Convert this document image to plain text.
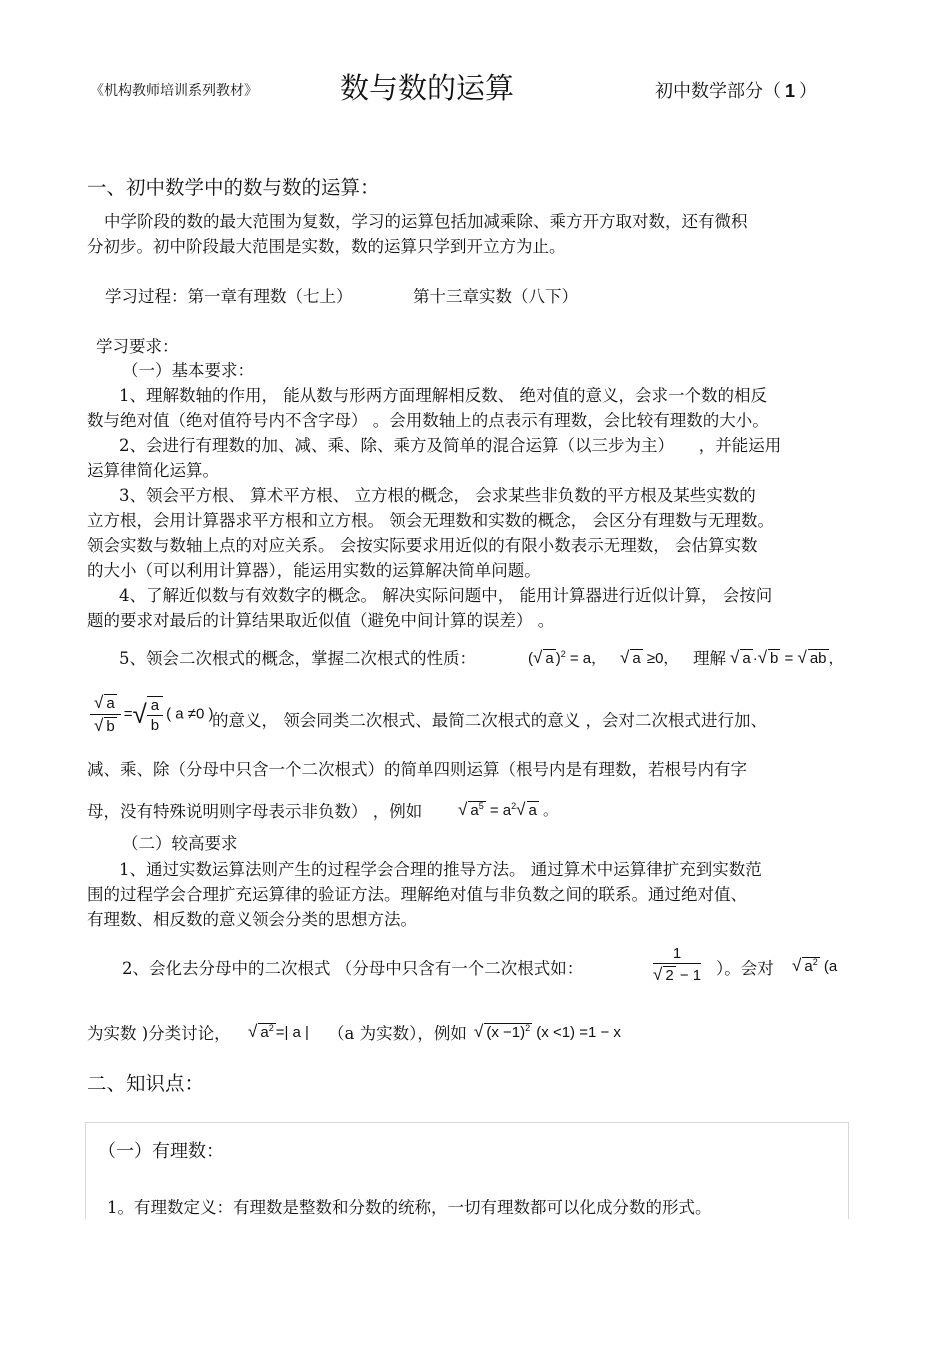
《机构教师培训系列教材》	数与数的运算	初中数学部分（ 1 ）
一、初中数学中的数与数的运算：
中学阶段的数的最大范围为复数，学习的运算包括加减乘除、乘方开方取对数，还有微积
分初步。初中阶段最大范围是实数，数的运算只学到开立方为止。
学习过程：第一章有理数（七上）	第十三章实数（八下）
学习要求：
（一）基本要求：
1、理解数轴的作用， 能从数与形两方面理解相反数、 绝对值的意义，会求一个数的相反
数与绝对值（绝对值符号内不含字母） 。会用数轴上的点表示有理数，会比较有理数的大小。
2、会进行有理数的加、减、乘、除、乘方及简单的混合运算（以三步为主）　　，并能运用
运算律简化运算。
3、领会平方根、 算术平方根、 立方根的概念， 会求某些非负数的平方根及某些实数的
立方根，会用计算器求平方根和立方根。 领会无理数和实数的概念， 会区分有理数与无理数。
领会实数与数轴上点的对应关系。 会按实际要求用近似的有限小数表示无理数， 会估算实数
的大小（可以利用计算器），能运用实数的运算解决简单问题。
4、了解近似数与有效数字的概念。 解决实际问题中， 能用计算器进行近似计算， 会按问
题的要求对最后的计算结果取近似值（避免中间计算的误差） 。
5、领会二次根式的概念，掌握二次根式的性质：	(√ a )$^2$ = a， √ a ≥0， 理解 √ a ·√ b = √ ab ，
$\frac{√ a}{√ b}$ =√ $\frac{a}{b}$ ( a ≠0 )
的意义， 领会同类二次根式、最简二次根式的意义 ，会对二次根式进行加、
减、乘、除（分母中只含一个二次根式）的简单四则运算（根号内是有理数，若根号内有字
母，没有特殊说明则字母表示非负数） ，例如 √ $a^5 = a^2√$ a 。
（二）较高要求
1、通过实数运算法则产生的过程学会合理的推导方法。 通过算术中运算律扩充到实数范
围的过程学会合理扩充运算律的验证方法。理解绝对值与非负数之间的联系。通过绝对值、
有理数、相反数的意义领会分类的思想方法。
2、会化去分母中的二次根式 （分母中只含有一个二次根式如：	$\frac{1}{√ 2 - 1}$ ）。会对 √ $a^2$ (a
为实数 )分类讨论， √ $a^2$ =| a | （a 为实数），例如 √ $(x -1)^2$ (x <1) =1 − x
二、知识点：
（一）有理数：
1。有理数定义：有理数是整数和分数的统称，一切有理数都可以化成分数的形式。
